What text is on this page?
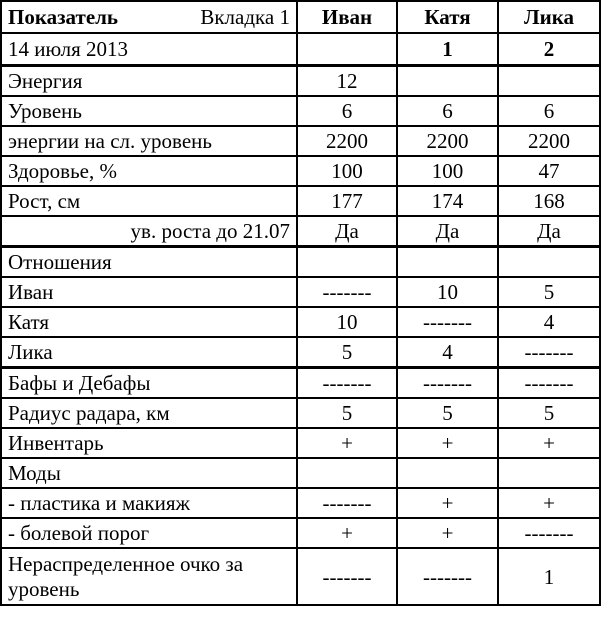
Показатель Вкладка 1	Иван	Катя	Лика
14 июля 2013		1	2
Энергия	12		
Уровень	6	6	6
энергии на сл. уровень	2200	2200	2200
Здоровье, %	100	100	47
Рост, см	177	174	168
ув. роста до 21.07	Да	Да	Да
Отношения			
Иван	-------	10	5
Катя	10	-------	4
Лика	5	4	-------
Бафы и Дебафы	-------	-------	-------
Радиус радара, км	5	5	5
Инвентарь	+	+	+
Моды			
- пластика и макияж	-------	+	+
- болевой порог	+	+	-------
Нераспределенное очко за уровень	-------	-------	1
